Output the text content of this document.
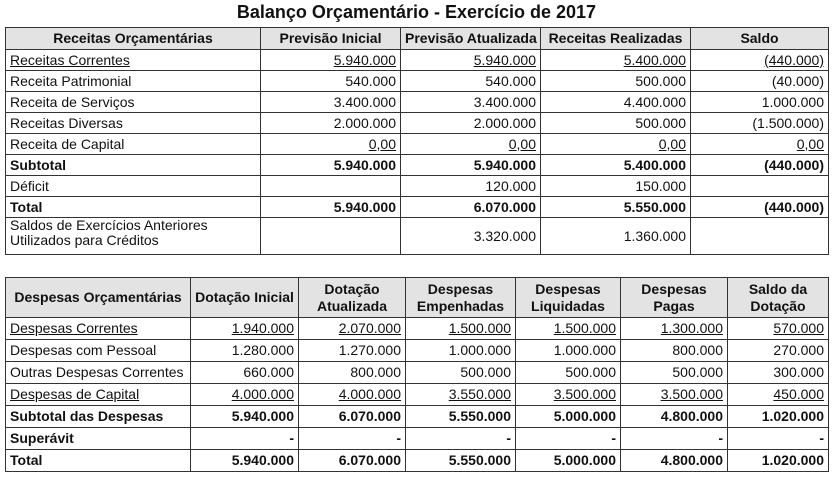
Balanço Orçamentário - Exercício de 2017
Receitas Orçamentárias	Previsão Inicial	Previsão Atualizada	Receitas Realizadas	Saldo
Receitas Correntes	5.940.000	5.940.000	5.400.000	(440.000)
Receita Patrimonial	540.000	540.000	500.000	(40.000)
Receita de Serviços	3.400.000	3.400.000	4.400.000	1.000.000
Receitas Diversas	2.000.000	2.000.000	500.000	(1.500.000)
Receita de Capital	0,00	0,00	0,00	0,00
Subtotal	5.940.000	5.940.000	5.400.000	(440.000)
Déficit		120.000	150.000	
Total	5.940.000	6.070.000	5.550.000	(440.000)
Saldos de Exercícios Anteriores
Utilizados para Créditos		3.320.000	1.360.000	
Despesas Orçamentárias	Dotação Inicial	Dotação Atualizada	Despesas Empenhadas	Despesas Liquidadas	Despesas Pagas	Saldo da Dotação
Despesas Correntes	1.940.000	2.070.000	1.500.000	1.500.000	1.300.000	570.000
Despesas com Pessoal	1.280.000	1.270.000	1.000.000	1.000.000	800.000	270.000
Outras Despesas Correntes	660.000	800.000	500.000	500.000	500.000	300.000
Despesas de Capital	4.000.000	4.000.000	3.550.000	3.500.000	3.500.000	450.000
Subtotal das Despesas	5.940.000	6.070.000	5.550.000	5.000.000	4.800.000	1.020.000
Superávit	-	-	-	-	-	-
Total	5.940.000	6.070.000	5.550.000	5.000.000	4.800.000	1.020.000
